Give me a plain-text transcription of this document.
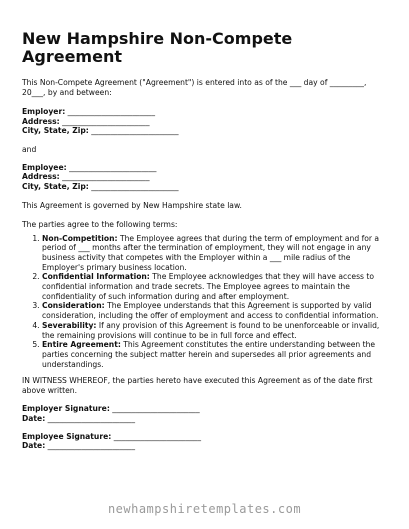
New Hampshire Non-Compete Agreement

This Non-Compete Agreement ("Agreement") is entered into as of the ___ day of _________, 20___, by and between:

Employer: _______________________
Address: _______________________
City, State, Zip: _______________________

and

Employee: _______________________
Address: _______________________
City, State, Zip: _______________________

This Agreement is governed by New Hampshire state law.

The parties agree to the following terms:

1. Non-Competition: The Employee agrees that during the term of employment and for a period of ___ months after the termination of employment, they will not engage in any business activity that competes with the Employer within a ___ mile radius of the Employer's primary business location.
2. Confidential Information: The Employee acknowledges that they will have access to confidential information and trade secrets. The Employee agrees to maintain the confidentiality of such information during and after employment.
3. Consideration: The Employee understands that this Agreement is supported by valid consideration, including the offer of employment and access to confidential information.
4. Severability: If any provision of this Agreement is found to be unenforceable or invalid, the remaining provisions will continue to be in full force and effect.
5. Entire Agreement: This Agreement constitutes the entire understanding between the parties concerning the subject matter herein and supersedes all prior agreements and understandings.

IN WITNESS WHEREOF, the parties hereto have executed this Agreement as of the date first above written.

Employer Signature: _______________________
Date: _______________________
Employee Signature: _______________________
Date: _______________________
newhampshiretemplates.com
